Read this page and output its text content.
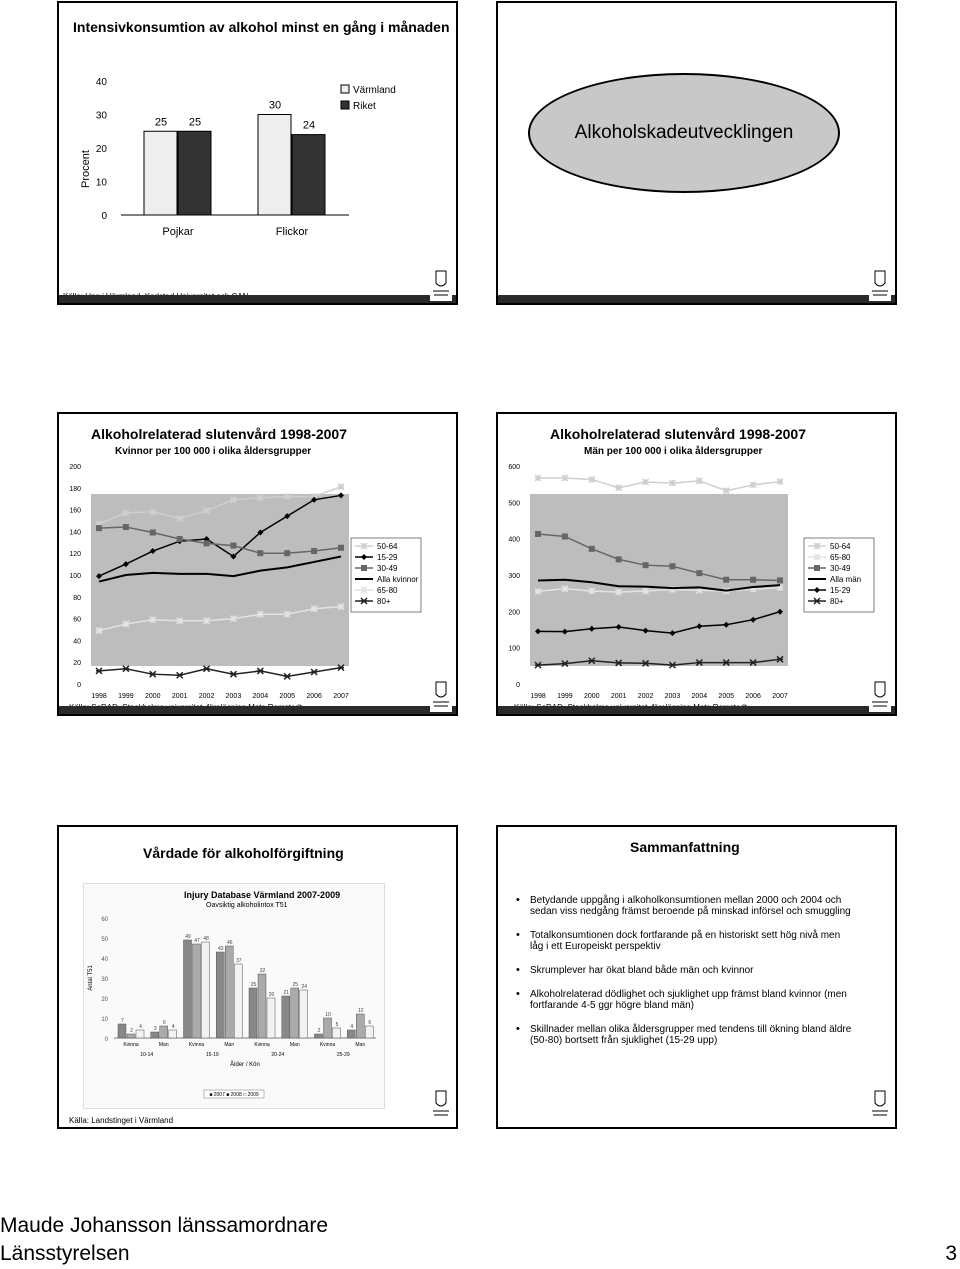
Intensivkonsumtion av alkohol minst en gång i månaden
Procent
0
10
20
30
40
Pojkar	Flickor
25 25
30
24
Värmland
Riket
Alkoholskadeutvecklingen
Alkoholrelaterad slutenvård 1998-2007
Kvinnor per 100 000 i olika åldersgrupper
0
20
40
60
80
100
120
140
160
180
200
1998 1999 2000 2001 2002 2003 2004 2005 2006 2007
50-64
15-29
30-49
Alla kvinnor
65-80
80+
Alkoholrelaterad slutenvård 1998-2007
Män per 100 000 i olika åldersgrupper
0
100
200
300
400
500
600
1998 1999 2000 2001 2002 2003 2004 2005 2006 2007
50-64
65-80
30-49
Alla män
15-29
80+
Vårdade för alkoholförgiftning
Injury Database Värmland 2007-2009
Oavsiktig alkoholintox T51
0
10
20
30
40
50
60
Antal T51
7
2
4
Kvinna
3
6
4
Man
49
47 48
Kvinna
43
46
37
Man
25
32
20
Kvinna
21
25 24
Man
2
10
5
Kvinna
4
12
6
Man
10-14	15-19	20-24	25-29
Ålder / Kön
■ 2007 ■ 2008 □ 2009
Källa: Landstinget i Värmland
Sammanfattning
• Betydande uppgång i alkoholkonsumtionen mellan 2000 och 2004 och sedan viss nedgång främst beroende på minskad införsel och smuggling
• Totalkonsumtionen dock fortfarande på en historiskt sett hög nivå men låg i ett Europeiskt perspektiv
• Skrumplever har ökat bland både män och kvinnor
• Alkoholrelaterad dödlighet och sjuklighet upp främst bland kvinnor (men fortfarande 4-5 ggr högre bland män)
• Skillnader mellan olika åldersgrupper med tendens till ökning bland äldre (50-80) bortsett från sjuklighet (15-29 upp)
Maude Johansson länssamordnare
Länsstyrelsen	3
